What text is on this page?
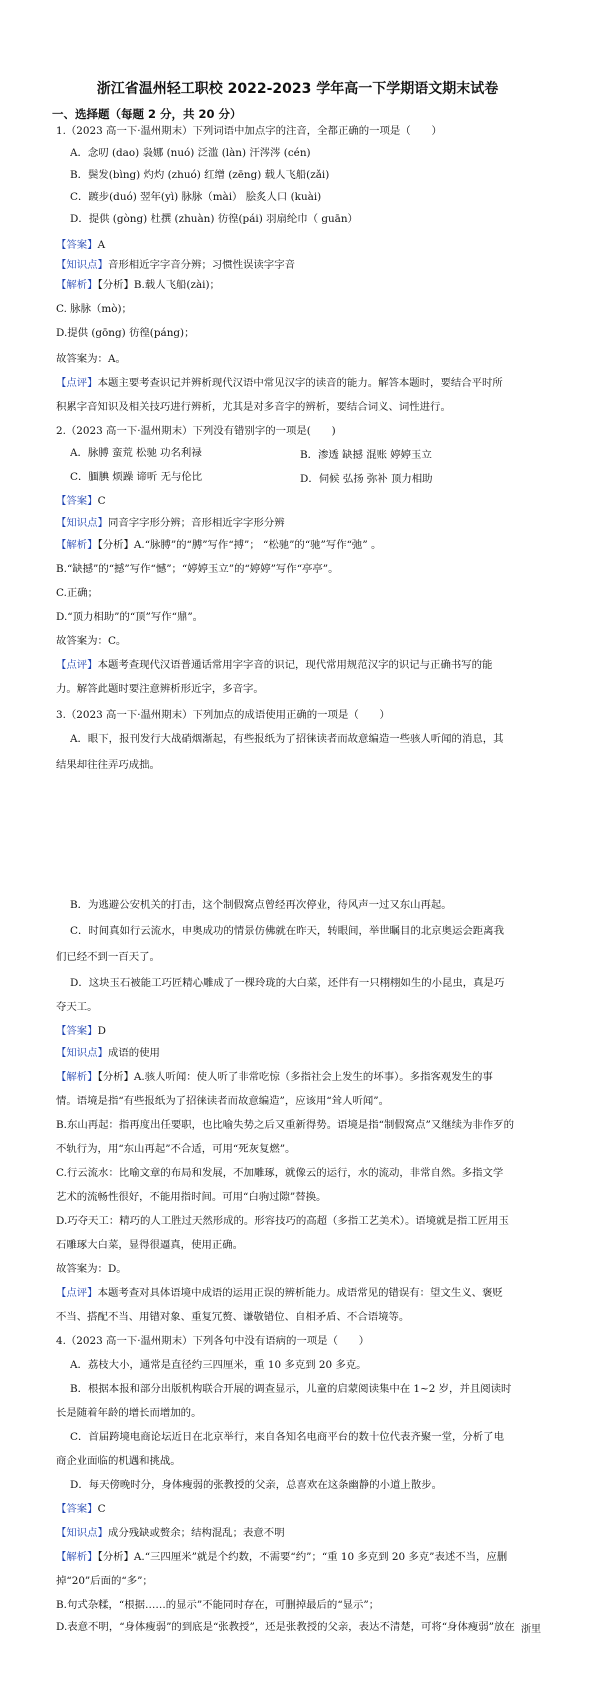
浙江省温州轻工职校 2022-2023 学年高一下学期语文期末试卷
一、选择题（每题 2 分，共 20 分）
1.（2023 高一下·温州期末）下列词语中加点字的注音，全都正确的一项是（　　）
A．念叨 (dao) 袅娜 (nuó) 泛滥 (làn) 汗涔涔 (cén)
B．鬓发(bìng) 灼灼 (zhuó) 红缯 (zēng) 载人飞船(zǎi)
C．踱步(duó) 翌年(yì) 脉脉（mài） 脍炙人口 (kuài)
D．提供 (gòng) 杜撰 (zhuàn) 彷徨(pái) 羽扇纶巾（ guān）
【答案】A
【知识点】音形相近字字音分辨；习惯性误读字字音
【解析】【分析】B.载人飞船(zài)；
C. 脉脉（mò)；
D.提供 (gōng) 彷徨(páng)；
故答案为：A。
【点评】本题主要考查识记并辨析现代汉语中常见汉字的读音的能力。解答本题时，要结合平时所
积累字音知识及相关技巧进行辨析，尤其是对多音字的辨析，要结合词义、词性进行。
2.（2023 高一下·温州期末）下列没有错别字的一项是(　　)
A．脉膊 蛮荒 松驰 功名利禄	B．渗透 缺撼 混账 婷婷玉立
C．腼腆 烦躁 谛听 无与伦比	D．伺候 弘扬 弥补 顶力相助
【答案】C
【知识点】同音字字形分辨；音形相近字字形分辨
【解析】【分析】A.“脉膊”的“膊”写作“搏”； “松驰”的“驰”写作“弛” 。
B.“缺撼”的“撼”写作“憾”；“婷婷玉立”的“婷婷”写作“亭亭”。
C.正确；
D.“顶力相助”的“顶”写作“鼎”。
故答案为：C。
【点评】本题考查现代汉语普通话常用字字音的识记，现代常用规范汉字的识记与正确书写的能
力。解答此题时要注意辨析形近字，多音字。
3.（2023 高一下·温州期末）下列加点的成语使用正确的一项是（　　）
A．眼下，报刊发行大战硝烟渐起，有些报纸为了招徕读者而故意编造一些骇人听闻的消息，其
结果却往往弄巧成拙。
B．为逃避公安机关的打击，这个制假窝点曾经再次停业，待风声一过又东山再起。
C．时间真如行云流水，申奥成功的情景仿佛就在昨天，转眼间，举世瞩目的北京奥运会距离我
们已经不到一百天了。
D．这块玉石被能工巧匠精心雕成了一棵玲珑的大白菜，还伴有一只栩栩如生的小昆虫，真是巧
夺天工。
【答案】D
【知识点】成语的使用
【解析】【分析】A.骇人听闻：使人听了非常吃惊（多指社会上发生的坏事）。多指客观发生的事
情。语境是指“有些报纸为了招徕读者而故意编造”，应该用“耸人听闻”。
B.东山再起：指再度出任要职，也比喻失势之后又重新得势。语境是指“制假窝点”又继续为非作歹的
不轨行为，用“东山再起”不合适，可用“死灰复燃”。
C.行云流水：比喻文章的布局和发展，不加雕琢，就像云的运行，水的流动，非常自然。多指文学
艺术的流畅性很好，不能用指时间。可用“白驹过隙”替换。
D.巧夺天工：精巧的人工胜过天然形成的。形容技巧的高超（多指工艺美术）。语境就是指工匠用玉
石雕琢大白菜，显得很逼真，使用正确。
故答案为：D。
【点评】本题考查对具体语境中成语的运用正误的辨析能力。成语常见的错误有：望文生义、褒贬
不当、搭配不当、用错对象、重复冗赘、谦敬错位、自相矛盾、不合语境等。
4.（2023 高一下·温州期末）下列各句中没有语病的一项是（　　）
A．荔枝大小，通常是直径约三四厘米，重 10 多克到 20 多克。
B．根据本报和部分出版机构联合开展的调查显示，儿童的启蒙阅读集中在 1~2 岁，并且阅读时
长是随着年龄的增长而增加的。
C．首届跨境电商论坛近日在北京举行，来自各知名电商平台的数十位代表齐聚一堂，分析了电
商企业面临的机遇和挑战。
D．每天傍晚时分，身体瘦弱的张教授的父亲，总喜欢在这条幽静的小道上散步。
【答案】C
【知识点】成分残缺或赘余；结构混乱；表意不明
【解析】【分析】A.“三四厘米”就是个约数，不需要“约”；“重 10 多克到 20 多克”表述不当，应删
掉“20”后面的“多”；
B.句式杂糅，“根据……的显示”不能同时存在，可删掉最后的“显示”；
D.表意不明，“身体瘦弱”的到底是“张教授”，还是张教授的父亲，表达不清楚，可将“身体瘦弱”放在 浙里
